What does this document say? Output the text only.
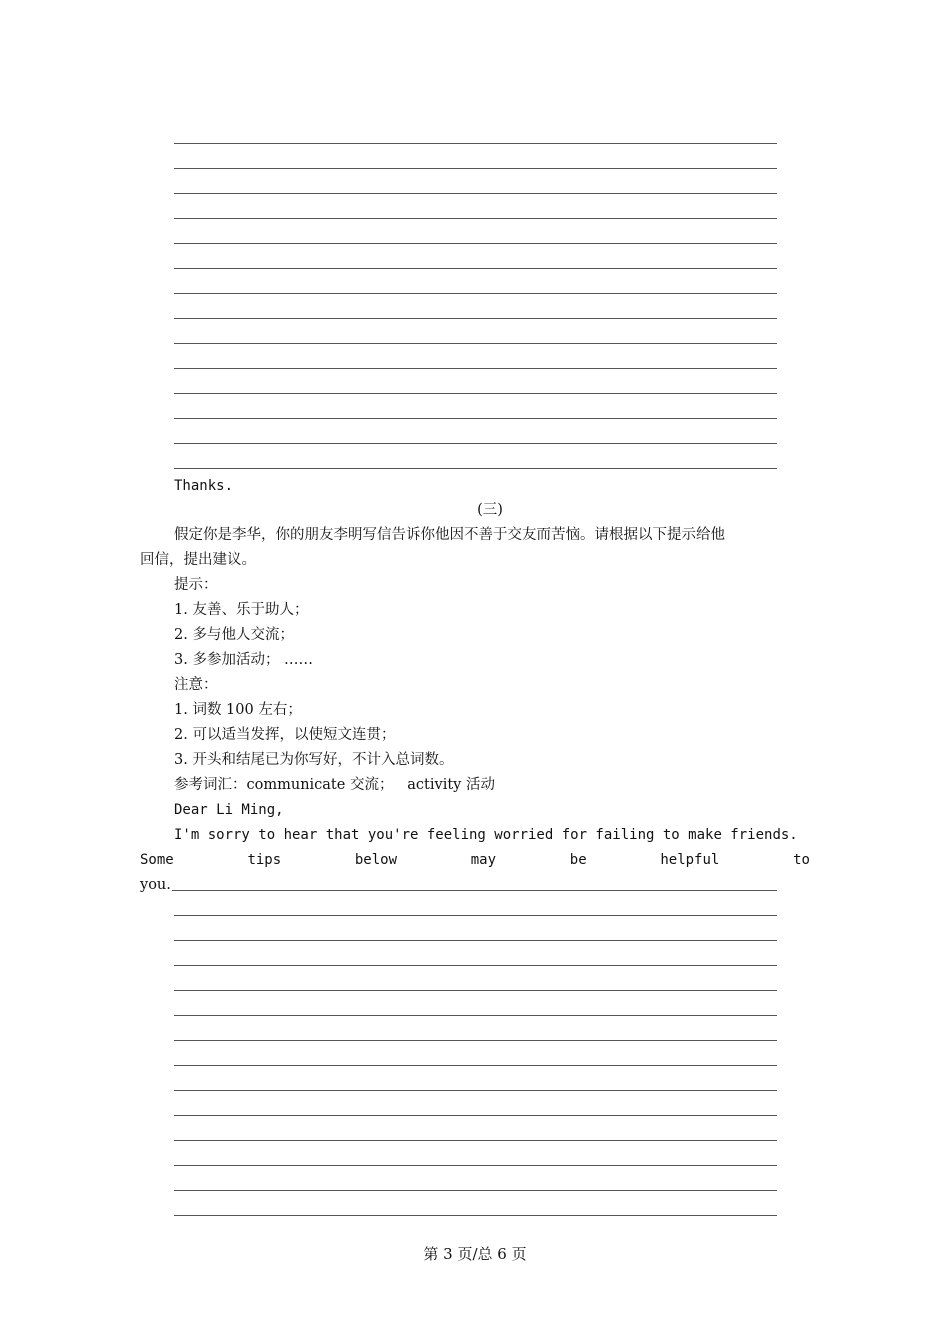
Thanks.
(三)
假定你是李华，你的朋友李明写信告诉你他因不善于交友而苦恼。请根据以下提示给他
回信，提出建议。
提示：
1. 友善、乐于助人；
2. 多与他人交流；
3. 多参加活动； ……
注意：
1. 词数 100 左右；
2. 可以适当发挥，以使短文连贯；
3. 开头和结尾已为你写好，不计入总词数。
参考词汇：communicate 交流；   activity 活动
Dear Li Ming,
I'm sorry to hear that you're feeling worried for failing to make friends.
Some	tips	below	may	be	helpful	to
you.
第 3 页/总 6 页
